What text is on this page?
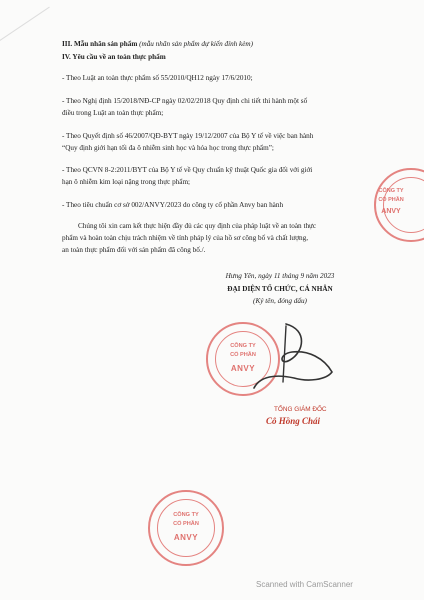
III. Mẫu nhãn sản phẩm (mẫu nhãn sản phẩm dự kiến đính kèm)
IV. Yêu cầu về an toàn thực phẩm
- Theo Luật an toàn thực phẩm số 55/2010/QH12 ngày 17/6/2010;
- Theo Nghị định 15/2018/NĐ-CP ngày 02/02/2018 Quy định chi tiết thi hành một số
điều trong Luật an toàn thực phẩm;
- Theo Quyết định số 46/2007/QĐ-BYT ngày 19/12/2007 của Bộ Y tế về việc ban hành
“Quy định giới hạn tối đa ô nhiễm sinh học và hóa học trong thực phẩm”;
- Theo QCVN 8-2:2011/BYT của Bộ Y tế về Quy chuẩn kỹ thuật Quốc gia đối với giới
hạn ô nhiễm kim loại nặng trong thực phẩm;
- Theo tiêu chuẩn cơ sở 002/ANVY/2023 do công ty cổ phần Anvy ban hành
Chúng tôi xin cam kết thực hiện đầy đủ các quy định của pháp luật về an toàn thực
phẩm và hoàn toàn chịu trách nhiệm về tính pháp lý của hồ sơ công bố và chất lượng,
an toàn thực phẩm đối với sản phẩm đã công bố./.
Hưng Yên, ngày 11 tháng 9 năm 2023
ĐẠI DIỆN TỔ CHỨC, CÁ NHÂN
(Ký tên, đóng dấu)
CÔNG TY
CỔ PHẦN
ANVY
CÔNG TY
CỔ PHẦN
ANVY
TỔNG GIÁM ĐỐC
Cô Hồng Chái
CÔNG TY
CỔ PHẦN
ANVY
Scanned with CamScanner
